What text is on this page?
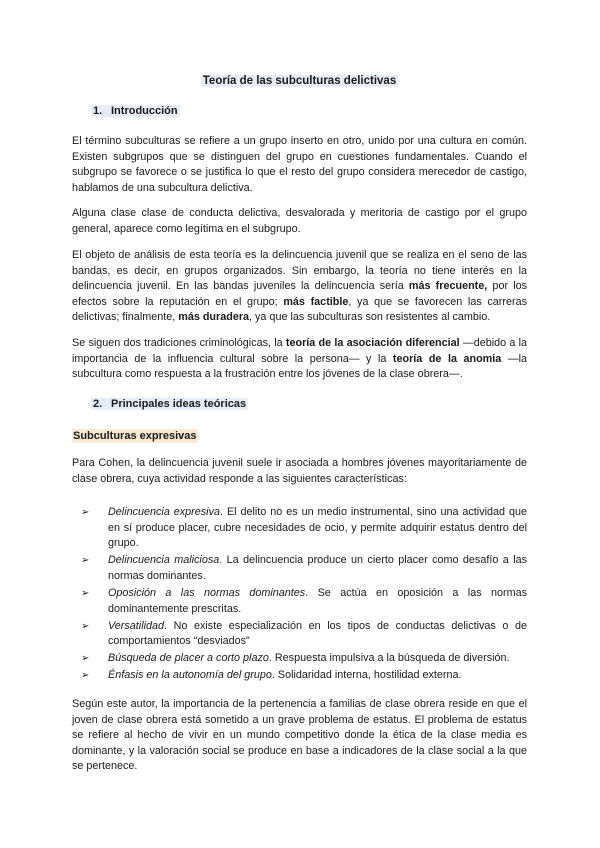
Teoría de las subculturas delictivas
1. Introducción

El término subculturas se refiere a un grupo inserto en otro, unido por una cultura en común. Existen subgrupos que se distinguen del grupo en cuestiones fundamentales. Cuando el subgrupo se favorece o se justifica lo que el resto del grupo considera merecedor de castigo, hablamos de una subcultura delictiva.

Alguna clase clase de conducta delictiva, desvalorada y meritoria de castigo por el grupo general, aparece como legítima en el subgrupo.

El objeto de análisis de esta teoría es la delincuencia juvenil que se realiza en el seno de las bandas, es decir, en grupos organizados. Sin embargo, la teoría no tiene interés en la delincuencia juvenil. En las bandas juveniles la delincuencia sería más frecuente, por los efectos sobre la reputación en el grupo; más factible, ya que se favorecen las carreras delictivas; finalmente, más duradera, ya que las subculturas son resistentes al cambio.

Se siguen dos tradiciones criminológicas, la teoría de la asociación diferencial —debido a la importancia de la influencia cultural sobre la persona— y la teoría de la anomia —la subcultura como respuesta a la frustración entre los jóvenes de la clase obrera—.

2. Principales ideas teóricas
Subculturas expresivas

Para Cohen, la delincuencia juvenil suele ir asociada a hombres jóvenes mayoritariamente de clase obrera, cuya actividad responde a las siguientes características:

➢	Delincuencia expresiva. El delito no es un medio instrumental, sino una actividad que en sí produce placer, cubre necesidades de ocio, y permite adquirir estatus dentro del grupo.
➢	Delincuencia maliciosa. La delincuencia produce un cierto placer como desafío a las normas dominantes.
➢	Oposición a las normas dominantes. Se actúa en oposición a las normas dominantemente prescritas.
➢	Versatilidad. No existe especialización en los tipos de conductas delictivas o de comportamientos “desviados”
➢	Búsqueda de placer a corto plazo. Respuesta impulsiva a la búsqueda de diversión.
➢	Énfasis en la autonomía del grupo. Solidaridad interna, hostilidad externa.

Según este autor, la importancia de la pertenencia a familias de clase obrera reside en que el joven de clase obrera está sometido a un grave problema de estatus. El problema de estatus se refiere al hecho de vivir en un mundo competitivo donde la ética de la clase media es dominante, y la valoración social se produce en base a indicadores de la clase social a la que se pertenece.
